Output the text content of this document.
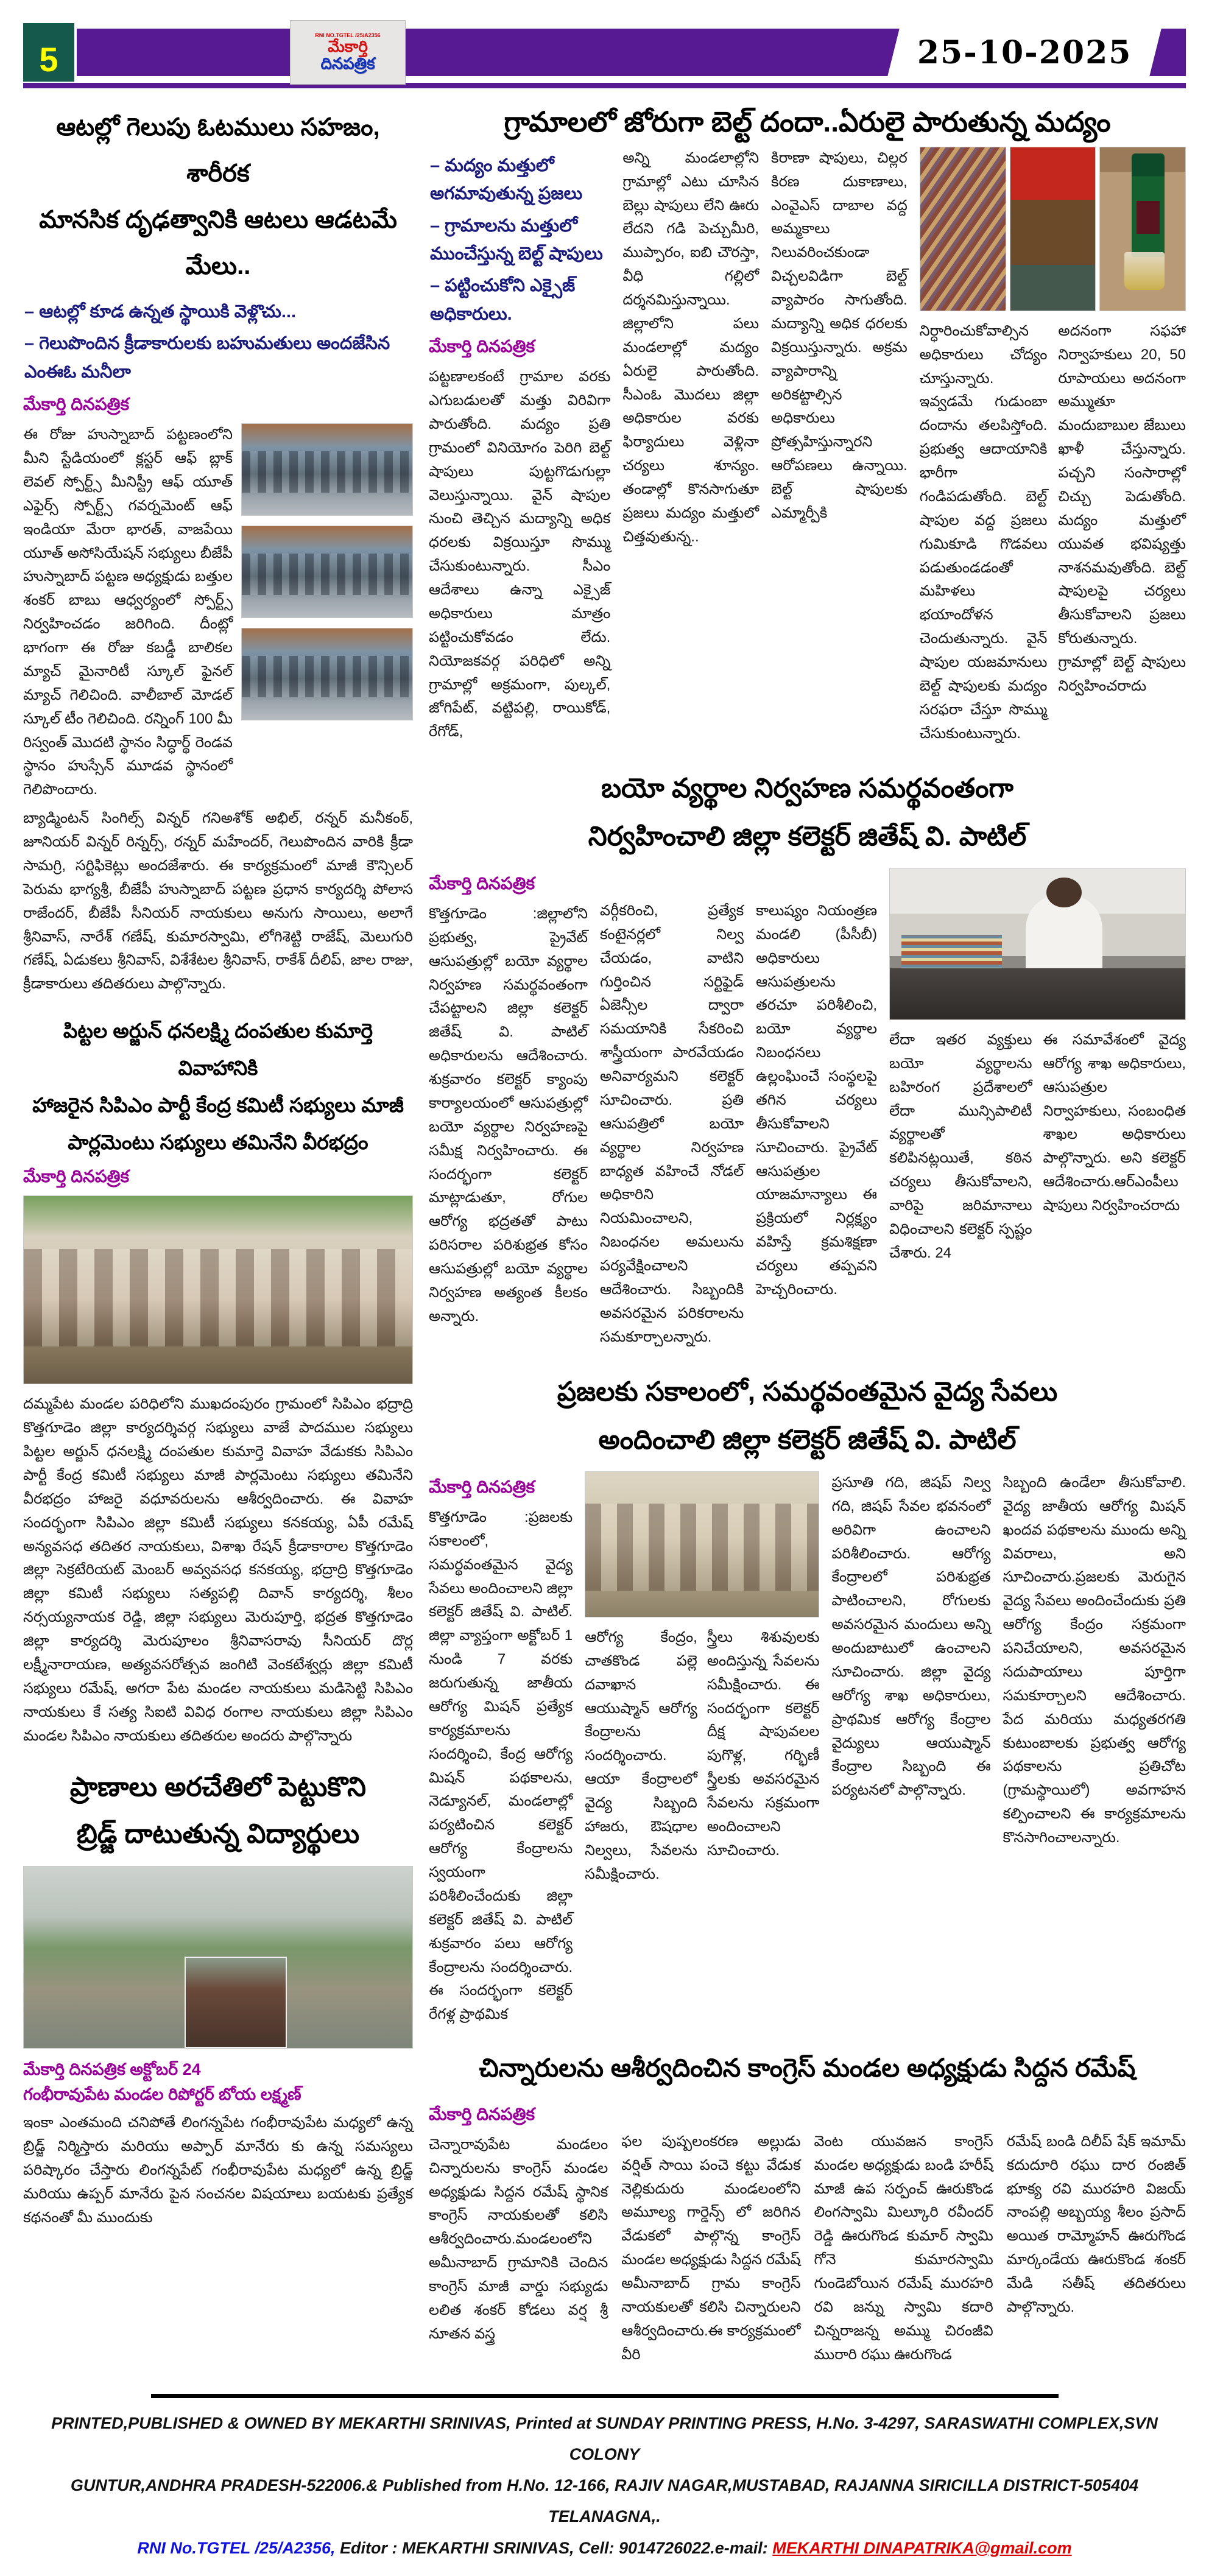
5
RNI NO.TGTEL /25/A2356
మేకార్తి
దినపత్రిక	25-10-2025
ఆటల్లో గెలుపు ఓటములు సహజం, శారీరక
మానసిక దృఢత్వానికి ఆటలు ఆడటమే మేలు..
– ఆటల్లో కూడ ఉన్నత స్థాయికి వెళ్లొచు...
– గెలుపొందిన క్రీడాకారులకు బహుమతులు అందజేసిన ఎంఈఓ మనీలా
మేకార్తి దినపత్రిక
ఈ రోజు హుస్నాబాద్ పట్టణంలోని మీని స్టేడియంలో క్లస్టర్ ఆఫ్ బ్లాక్ లెవల్ స్పోర్ట్స్ మీనిస్ట్రీ ఆఫ్ యూత్ ఎఫైర్స్ స్పోర్ట్స్ గవర్నమెంట్ ఆఫ్ ఇండియా మేరా భారత్, వాజపేయి యూత్ అసోసియేషన్ సభ్యులు బీజేపీ హుస్నాబాద్ పట్టణ అధ్యక్షుడు బత్తుల శంకర్ బాబు ఆధ్వర్యంలో స్పోర్ట్స్ నిర్వహించడం జరిగింది. దీంట్లో భాగంగా ఈ రోజు కబడ్డీ బాలికల మ్యాచ్ మైనారిటీ స్కూల్ ఫైనల్ మ్యాచ్ గెలిచింది. వాలీబాల్ మోడల్ స్కూల్ టీం గెలిచింది. రన్నింగ్ 100 మీ రిస్వంత్ మొదటి స్థానం సిద్ధార్థ్ రెండవ స్థానం హుస్సేన్ మూడవ స్థానంలో గెలిపొందారు.
బ్యాడ్మింటన్ సింగిల్స్ విన్నర్ గనిఅశోక్ అభిల్, రన్నర్ మనీకంఠ్, జూనియర్ విన్నర్ రిన్నర్స్, రన్నర్ మహేందర్, గెలుపొందిన వారికి క్రీడా సామగ్రి, సర్టిఫికెట్లు అందజేశారు. ఈ కార్యక్రమంలో మాజీ కౌన్సిలర్ పెరుమ భాగ్యశ్రీ, బీజేపీ హుస్నాబాద్ పట్టణ ప్రధాన కార్యదర్శి పోలాస రాజేందర్, బీజేపీ సీనియర్ నాయకులు అనుగు సాయిలు, అలాగే శ్రీనివాస్, నారేశ్ గణేష్, కుమారస్వామి, లోగిశెట్టి రాజేష్, మెలుగురి గణేష్, ఏడుకలు శ్రీనివాస్, విశేశేటల శ్రీనివాస్, రాకేశ్ దీలిప్, జాల రాజు, క్రీడాకారులు తదితరులు పాల్గొన్నారు.
పిట్టల అర్జున్ ధనలక్ష్మి దంపతుల కుమార్తె వివాహానికి
హాజరైన సిపిఎం పార్టీ కేంద్ర కమిటీ సభ్యులు మాజీ
పార్లమెంటు సభ్యులు తమినేని వీరభద్రం
మేకార్తి దినపత్రిక
దమ్మపేట మండల పరిధిలోని ముఖదంపురం గ్రామంలో సిపిఎం భద్రాద్రి కొత్తగూడెం జిల్లా కార్యదర్శివర్గ సభ్యులు వాజే పాదముల సభ్యులు పిట్టల అర్జున్ ధనలక్ష్మి దంపతుల కుమార్తె వివాహ వేడుకకు సిపిఎం పార్టీ కేంద్ర కమిటీ సభ్యులు మాజీ పార్లమెంటు సభ్యులు తమినేని వీరభద్రం హాజరై వధూవరులను ఆశీర్వదించారు. ఈ వివాహ సందర్భంగా సిపిఎం జిల్లా కమిటీ సభ్యులు కనకయ్య, ఏపీ రమేష్ అన్యవసధ తదితర నాయకులు, విశాఖ రేషన్ క్రీడాకారాల కొత్తగూడెం జిల్లా సెక్రటేరియట్ మెంబర్ అవ్వవసధ కనకయ్య, భద్రాద్రి కొత్తగూడెం జిల్లా కమిటీ సభ్యులు సత్యపల్లి దివాన్ కార్యదర్శి, శీలం నర్సయ్యనాయక రెడ్డి, జిల్లా సభ్యులు మెరుపూర్తి, భద్రత కొత్తగూడెం జిల్లా కార్యదర్శి మెరుపూలం శ్రీనివాసరావు సీనియర్ దొర్ల లక్ష్మీనారాయణ, అత్యవసరోత్సవ జంగిటి వెంకటేశ్వర్లు జిల్లా కమిటీ సభ్యులు రమేష్, అగరా పేట మండల నాయకులు మడిసెట్టి సిపిఎం నాయకులు కే సత్య సిఐటి వివిధ రంగాల నాయకులు జిల్లా సిపిఎం మండల సిపిఎం నాయకులు తదితరుల అందరు పాల్గొన్నారు
ప్రాణాలు అరచేతిలో పెట్టుకొని
బ్రిడ్జ్ దాటుతున్న విద్యార్థులు
మేకార్తి దినపత్రిక అక్టోబర్ 24
గంభీరావుపేట మండల రిపోర్టర్ బోయ లక్ష్మణ్
ఇంకా ఎంతమంది చనిపోతే లింగన్నపేట గంభీరావుపేట మధ్యలో ఉన్న బ్రిడ్జ్ నిర్మిస్తారు మరియు అప్పార్ మానేరు కు ఉన్న సమస్యలు పరిష్కారం చేస్తారు లింగన్నపేట్ గంభీరావుపేట మధ్యలో ఉన్న బ్రిడ్జ్ మరియు ఉప్పర్ మానేరు పైన సంచనల విషయాలు బయటకు ప్రత్యేక కథనంతో మీ ముందుకు
గ్రామాలలో జోరుగా బెల్ట్ దందా..ఏరులై పారుతున్న మద్యం
– మద్యం మత్తులో అగమావుతున్న ప్రజలు
– గ్రామాలను మత్తులో ముంచేస్తున్న బెల్ట్ షాపులు
– పట్టించుకోని ఎక్సైజ్ అధికారులు.
మేకార్తి దినపత్రిక
పట్టణాలకంటే గ్రామాల వరకు ఎగుబడులతో మత్తు విరివిగా పారుతోంది. మద్యం ప్రతి గ్రామంలో వినియోగం పెరిగి బెల్ట్ షాపులు పుట్టగొడుగుల్లా వెలుస్తున్నాయి. వైన్ షాపుల నుంచి తెచ్చిన మద్యాన్ని అధిక ధరలకు విక్రయిస్తూ సొమ్ము చేసుకుంటున్నారు. సీఎం ఆదేశాలు ఉన్నా ఎక్సైజ్ అధికారులు మాత్రం పట్టించుకోవడం లేదు. నియోజకవర్గ పరిధిలో అన్ని గ్రామాల్లో అక్రమంగా, పుల్కల్, జోగిపేట్, వట్టిపల్లి, రాయికోడ్, రేగోడ్,
అన్ని మండలాల్లోని గ్రామాల్లో ఎటు చూసిన బెల్లు షాపులు లేని ఊరు లేదని గడి పెచ్చుమీరి, ముప్పారం, ఐబి చౌరస్తా, వీధి గల్లిలో దర్శనమిస్తున్నాయి. జిల్లాలోని పలు మండలాల్లో మద్యం ఏరులై పారుతోంది. సీఎంఓ మొదలు జిల్లా అధికారుల వరకు ఫిర్యాదులు వెళ్లినా చర్యలు శూన్యం. తండాల్లో కొనసాగుతూ ప్రజలు మద్యం మత్తులో చిత్తవుతున్న..
కిరాణా షాపులు, చిల్లర కిరణ దుకాణాలు, ఎంవైఎస్ దాబాల వద్ద అమ్మకాలు నిలువరించకుండా విచ్చలవిడిగా బెల్ట్ వ్యాపారం సాగుతోంది. మద్యాన్ని అధిక ధరలకు విక్రయిస్తున్నారు. అక్రమ వ్యాపారాన్ని అరికట్టాల్సిన అధికారులు ప్రోత్సహిస్తున్నారని ఆరోపణలు ఉన్నాయి. బెల్ట్ షాపులకు ఎమ్మార్పీకి
నిర్ధారించుకోవాల్సిన అధికారులు చోద్యం చూస్తున్నారు. ఇవ్వడమే గుడుంబా దందాను తలపిస్తోంది. ప్రభుత్వ ఆదాయానికి భారీగా గండిపడుతోంది. బెల్ట్ షాపుల వద్ద ప్రజలు గుమికూడి గొడవలు పడుతుండడంతో మహిళలు భయాందోళన చెందుతున్నారు. వైన్ షాపుల యజమానులు బెల్ట్ షాపులకు మద్యం సరఫరా చేస్తూ సొమ్ము చేసుకుంటున్నారు.
అదనంగా సఫహా నిర్వాహకులు 20, 50 రూపాయలు అదనంగా అమ్ముతూ మందుబాబుల జేబులు ఖాళీ చేస్తున్నారు. పచ్చని సంసారాల్లో చిచ్చు పెడుతోంది. మద్యం మత్తులో యువత భవిష్యత్తు నాశనమవుతోంది. బెల్ట్ షాపులపై చర్యలు తీసుకోవాలని ప్రజలు కోరుతున్నారు. గ్రామాల్లో బెల్ట్ షాపులు నిర్వహించరాదు
బయో వ్యర్థాల నిర్వహణ సమర్థవంతంగా
నిర్వహించాలి జిల్లా కలెక్టర్ జితేష్ వి. పాటిల్
మేకార్తి దినపత్రిక
కొత్తగూడెం :జిల్లాలోని ప్రభుత్వ, ప్రైవేట్ ఆసుపత్రుల్లో బయో వ్యర్థాల నిర్వహణ సమర్థవంతంగా చేపట్టాలని జిల్లా కలెక్టర్ జితేష్ వి. పాటిల్ అధికారులను ఆదేశించారు. శుక్రవారం కలెక్టర్ క్యాంపు కార్యాలయంలో ఆసుపత్రుల్లో బయో వ్యర్థాల నిర్వహణపై సమీక్ష నిర్వహించారు. ఈ సందర్భంగా కలెక్టర్ మాట్లాడుతూ, రోగుల ఆరోగ్య భద్రతతో పాటు పరిసరాల పరిశుభ్రత కోసం ఆసుపత్రుల్లో బయో వ్యర్థాల నిర్వహణ అత్యంత కీలకం అన్నారు.
వర్గీకరించి, ప్రత్యేక కంటైనర్లలో నిల్వ చేయడం, వాటిని గుర్తించిన సర్టిఫైడ్ ఏజెన్సీల ద్వారా సమయానికి సేకరించి శాస్త్రీయంగా పారవేయడం అనివార్యమని కలెక్టర్ సూచించారు. ప్రతి ఆసుపత్రిలో బయో వ్యర్థాల నిర్వహణ బాధ్యత వహించే నోడల్ అధికారిని నియమించాలని, నిబంధనల అమలును పర్యవేక్షించాలని ఆదేశించారు. సిబ్బందికి అవసరమైన పరికరాలను సమకూర్చాలన్నారు.
కాలుష్యం నియంత్రణ మండలి (పీసీబీ) అధికారులు ఆసుపత్రులను తరచూ పరిశీలించి, బయో వ్యర్థాల నిబంధనలు ఉల్లంఘించే సంస్థలపై తగిన చర్యలు తీసుకోవాలని సూచించారు. ప్రైవేట్ ఆసుపత్రుల యాజమాన్యాలు ఈ ప్రక్రియలో నిర్లక్ష్యం వహిస్తే క్రమశిక్షణా చర్యలు తప్పవని హెచ్చరించారు.
లేదా ఇతర వ్యక్తులు బయో వ్యర్థాలను బహిరంగ ప్రదేశాలలో లేదా మున్సిపాలిటీ వ్యర్థాలతో కలిపినట్లయితే, కఠిన చర్యలు తీసుకోవాలని, వారిపై జరిమానాలు విధించాలని కలెక్టర్ స్పష్టం చేశారు. 24
ఈ సమావేశంలో వైద్య ఆరోగ్య శాఖ అధికారులు, ఆసుపత్రుల నిర్వాహకులు, సంబంధిత శాఖల అధికారులు పాల్గొన్నారు. అని కలెక్టర్ ఆదేశించారు.ఆర్ఎంపీలు షాపులు నిర్వహించరాదు
ప్రజలకు సకాలంలో, సమర్థవంతమైన వైద్య సేవలు
అందించాలి జిల్లా కలెక్టర్ జితేష్ వి. పాటిల్
మేకార్తి దినపత్రిక
కొత్తగూడెం :ప్రజలకు సకాలంలో, సమర్థవంతమైన వైద్య సేవలు అందించాలని జిల్లా కలెక్టర్ జితేష్ వి. పాటిల్. జిల్లా వ్యాప్తంగా అక్టోబర్ 1 నుండి 7 వరకు జరుగుతున్న జాతీయ ఆరోగ్య మిషన్ ప్రత్యేక కార్యక్రమాలను సందర్శించి, కేంద్ర ఆరోగ్య మిషన్ పథకాలను, నెడ్యూనల్, మండలాల్లో పర్యటించిన కలెక్టర్ ఆరోగ్య కేంద్రాలను స్వయంగా పరిశీలించేందుకు జిల్లా కలెక్టర్ జితేష్ వి. పాటిల్ శుక్రవారం పలు ఆరోగ్య కేంద్రాలను సందర్శించారు. ఈ సందర్భంగా కలెక్టర్ రేగళ్ల ప్రాథమిక
ఆరోగ్య కేంద్రం, చాతకొండ పల్లె దవాఖాన ఆయుష్మాన్ ఆరోగ్య కేంద్రాలను సందర్శించారు. ఆయా కేంద్రాలలో వైద్య సిబ్బంది హాజరు, ఔషధాల నిల్వలు, సేవలను సమీక్షించారు.
స్త్రీలు శిశువులకు అందిస్తున్న సేవలను సమీక్షించారు. ఈ సందర్భంగా కలెక్టర్ దీక్ష షాపువలల పుగొళ్ల, గర్భిణీ స్త్రీలకు అవసరమైన సేవలను సక్రమంగా అందించాలని సూచించారు.
ప్రసూతి గది, జిషప్ నిల్వ గది, జిషప్ సేవల భవనంలో అరివిగా ఉంచాలని పరిశీలించారు. ఆరోగ్య కేంద్రాలలో పరిశుభ్రత పాటించాలని, రోగులకు అవసరమైన మందులు అన్ని అందుబాటులో ఉంచాలని సూచించారు. జిల్లా వైద్య ఆరోగ్య శాఖ అధికారులు, ప్రాథమిక ఆరోగ్య కేంద్రాల వైద్యులు ఆయుష్మాన్ కేంద్రాల సిబ్బంది ఈ పర్యటనలో పాల్గొన్నారు.
సిబ్బంది ఉండేలా తీసుకోవాలి. వైద్య జాతీయ ఆరోగ్య మిషన్ ఖందవ పథకాలను ముందు అన్ని వివరాలు, అని సూచించారు.ప్రజలకు మెరుగైన వైద్య సేవలు అందించేందుకు ప్రతి ఆరోగ్య కేంద్రం సక్రమంగా పనిచేయాలని, అవసరమైన సదుపాయాలు పూర్తిగా సమకూర్చాలని ఆదేశించారు. పేద మరియు మధ్యతరగతి కుటుంబాలకు ప్రభుత్వ ఆరోగ్య పథకాలను ప్రతిచోట (గ్రామస్థాయిలో) అవగాహన కల్పించాలని ఈ కార్యక్రమాలను కొనసాగించాలన్నారు.
చిన్నారులను ఆశీర్వదించిన కాంగ్రెస్ మండల అధ్యక్షుడు సిద్దన రమేష్
మేకార్తి దినపత్రిక
చెన్నారావుపేట మండలం చిన్నారులను కాంగ్రెస్ మండల అధ్యక్షుడు సిద్దన రమేష్ స్థానిక కాంగ్రెస్ నాయకులతో కలిసి ఆశీర్వదించారు.మండలంలోని అమీనాబాద్ గ్రామానికి చెందిన కాంగ్రెస్ మాజీ వార్డు సభ్యుడు లలిత శంకర్ కోడలు వర్ష శ్రీ నూతన వస్త్ర
ఫల పుష్పలంకరణ అల్లుడు వర్షిత్ సాయి పంచె కట్టు వేడుక నెల్లికుదురు మండలంలోని అమూల్య గార్డెన్స్ లో జరిగిన వేడుకలో పాల్గొన్న కాంగ్రెస్ మండల అధ్యక్షుడు సిద్దన రమేష్ అమీనాబాద్ గ్రామ కాంగ్రెస్ నాయకులతో కలిసి చిన్నారులని ఆశీర్వదించారు.ఈ కార్యక్రమంలో వీరి
వెంట యువజన కాంగ్రెస్ మండల అధ్యక్షుడు బండి హరీష్ మాజీ ఉప సర్పంచ్ ఊరుకొండ లింగస్వామి మిల్కూరి రవీందర్ రెడ్డి ఊరుగొండ కుమార్ స్వామి గోనె కుమారస్వామి గుండెబోయిన రమేష్ మురహరి రవి జన్ను స్వామి కదారి చిన్నరాజన్న అమ్ము చిరంజీవి మురారి రఘు ఊరుగొండ
రమేష్ బండి దిలీప్ షేక్ ఇమామ్ కదుదూరి రఘు దార రంజిత్ భూక్య రవి మురహరి విజయ్ నాంపల్లి అబ్బయ్య శీలం ప్రసాద్ అయిత రామ్మోహన్ ఊరుగొండ మార్కండేయ ఊరుకొండ శంకర్ మేడి సతీష్ తదితరులు పాల్గొన్నారు.
PRINTED,PUBLISHED & OWNED BY MEKARTHI SRINIVAS, Printed at SUNDAY PRINTING PRESS, H.No. 3-4297, SARASWATHI COMPLEX,SVN COLONY
GUNTUR,ANDHRA PRADESH-522006.& Published from H.No. 12-166, RAJIV NAGAR,MUSTABAD, RAJANNA SIRICILLA DISTRICT-505404 TELANAGNA,.
RNI No.TGTEL /25/A2356, Editor : MEKARTHI SRINIVAS, Cell: 9014726022.e-mail: MEKARTHI DINAPATRIKA@gmail.com
